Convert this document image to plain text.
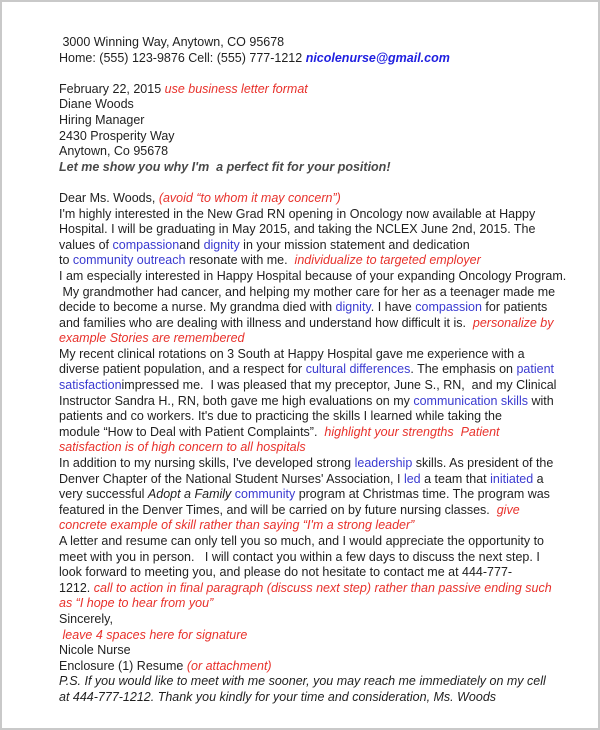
3000 Winning Way, Anytown, CO 95678
Home: (555) 123-9876 Cell: (555) 777-1212 nicolenurse@gmail.com

February 22, 2015 use business letter format
Diane Woods
Hiring Manager
2430 Prosperity Way
Anytown, Co 95678
Let me show you why I'm  a perfect fit for your position!

Dear Ms. Woods, (avoid “to whom it may concern”)
I'm highly interested in the New Grad RN opening in Oncology now available at Happy
Hospital. I will be graduating in May 2015, and taking the NCLEX June 2nd, 2015. The
values of compassionand dignity in your mission statement and dedication
to community outreach resonate with me.  individualize to targeted employer
I am especially interested in Happy Hospital because of your expanding Oncology Program.
My grandmother had cancer, and helping my mother care for her as a teenager made me
decide to become a nurse. My grandma died with dignity. I have compassion for patients
and families who are dealing with illness and understand how difficult it is.  personalize by
example Stories are remembered
My recent clinical rotations on 3 South at Happy Hospital gave me experience with a
diverse patient population, and a respect for cultural differences. The emphasis on patient
satisfactionimpressed me.  I was pleased that my preceptor, June S., RN,  and my Clinical
Instructor Sandra H., RN, both gave me high evaluations on my communication skills with
patients and co workers. It's due to practicing the skills I learned while taking the
module “How to Deal with Patient Complaints”.  highlight your strengths  Patient
satisfaction is of high concern to all hospitals
In addition to my nursing skills, I've developed strong leadership skills. As president of the
Denver Chapter of the National Student Nurses' Association, I led a team that initiated a
very successful Adopt a Family community program at Christmas time. The program was
featured in the Denver Times, and will be carried on by future nursing classes.  give
concrete example of skill rather than saying “I'm a strong leader”
A letter and resume can only tell you so much, and I would appreciate the opportunity to
meet with you in person.   I will contact you within a few days to discuss the next step. I
look forward to meeting you, and please do not hesitate to contact me at 444-777-
1212. call to action in final paragraph (discuss next step) rather than passive ending such
as “I hope to hear from you”
Sincerely,
leave 4 spaces here for signature
Nicole Nurse
Enclosure (1) Resume (or attachment)
P.S. If you would like to meet with me sooner, you may reach me immediately on my cell
at 444-777-1212. Thank you kindly for your time and consideration, Ms. Woods
